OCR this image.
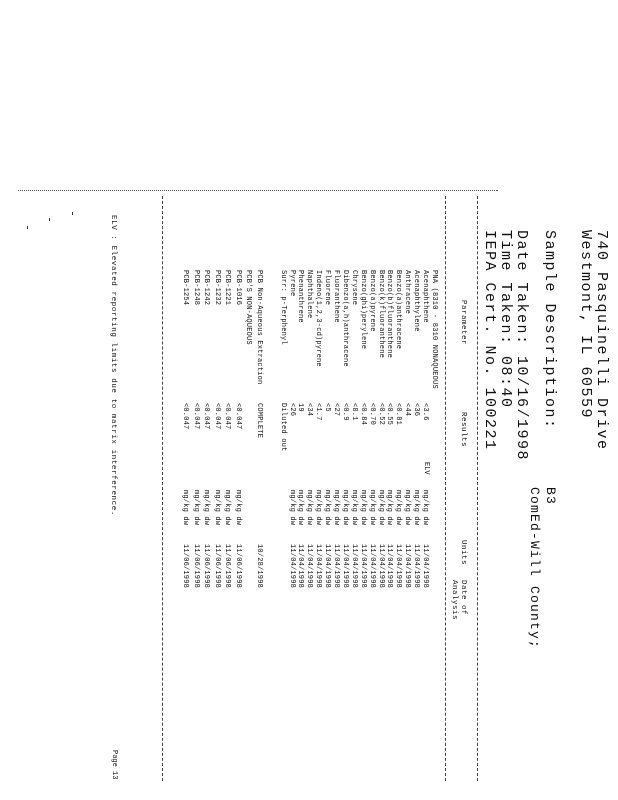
740 Pasquinelli Drive
Westmont, IL 60559
Sample Description:
B3
ComEd-Will County;
Date Taken: 10/16/1998
Time Taken: 08:40
IEPA Cert. No. 100221
Parameter
Results
Units
Date of Analysis
PNA (8310 - 8310 NONAQUEOUS
Acenaphthene
<3.6
mg/kg dw
11/04/1998
Acenaphthylene
<36
mg/kg dw
11/04/1998
Anthracene
<44
mg/kg dw
11/04/1998
Benzo(a)anthracene
<0.81
mg/kg dw
11/04/1998
Benzo(b)fluoranthene
<0.55
mg/kg dw
11/04/1998
Benzo(k)fluoranthene
<0.52
mg/kg dw
11/04/1998
Benzo(a)pyrene
<0.70
mg/kg dw
11/04/1998
Benzo(ghi)perylene
<0.84
mg/kg dw
11/04/1998
Chrysene
<8.1
mg/kg dw
11/04/1998
Dibenzo(a,h)anthracene
<0.9
mg/kg dw
11/04/1998
Fluoranthene
<27
mg/kg dw
11/04/1998
Fluorene
<5
mg/kg dw
11/04/1998
Indeno(1,2,3-cd)pyrene
<1.7
mg/kg dw
11/04/1998
Naphthalene
<34
mg/kg dw
11/04/1998
Phenanthrene
19
mg/kg dw
11/04/1998
Pyrene
<26
mg/kg dw
11/04/1998
Surr: p-Terphenyl
Diluted out
ELV
PCB Non-Aqueous Extraction
COMPLETE
10/28/1998
PCB'S NON-AQUEOUS
PCB-1016
<0.047
mg/kg dw
11/06/1998
PCB-1221
<0.047
mg/kg dw
11/06/1998
PCB-1232
<0.047
mg/kg dw
11/06/1998
PCB-1242
<0.047
mg/kg dw
11/06/1998
PCB-1248
<0.047
mg/kg dw
11/06/1998
PCB-1254
<0.047
mg/kg dw
11/06/1998
ELV : Elevated reporting limits due to matrix interference.
Page 13
